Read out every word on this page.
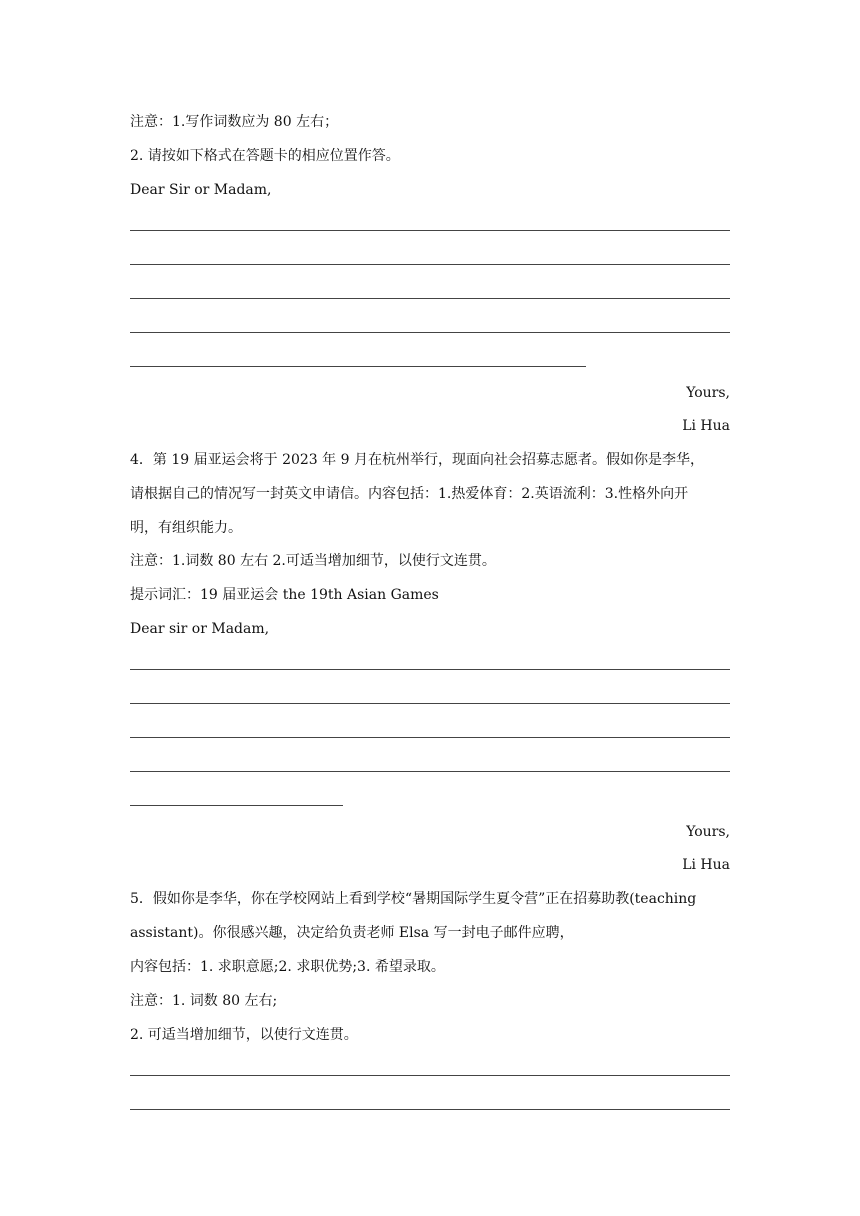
注意：1.写作词数应为 80 左右；
2. 请按如下格式在答题卡的相应位置作答。
Dear Sir or Madam,
Yours,
Li Hua
4．第 19 届亚运会将于 2023 年 9 月在杭州举行，现面向社会招募志愿者。假如你是李华，
请根据自己的情况写一封英文申请信。内容包括：1.热爱体育：2.英语流利：3.性格外向开
明，有组织能力。
注意：1.词数 80 左右 2.可适当增加细节，以使行文连贯。
提示词汇：19 届亚运会 the 19th Asian Games
Dear sir or Madam,
Yours,
Li Hua
5．假如你是李华，你在学校网站上看到学校“暑期国际学生夏令营”正在招募助教(teaching
assistant)。你很感兴趣，决定给负责老师 Elsa 写一封电子邮件应聘，
内容包括：1. 求职意愿;2. 求职优势;3. 希望录取。
注意：1. 词数 80 左右;
2. 可适当增加细节，以使行文连贯。
